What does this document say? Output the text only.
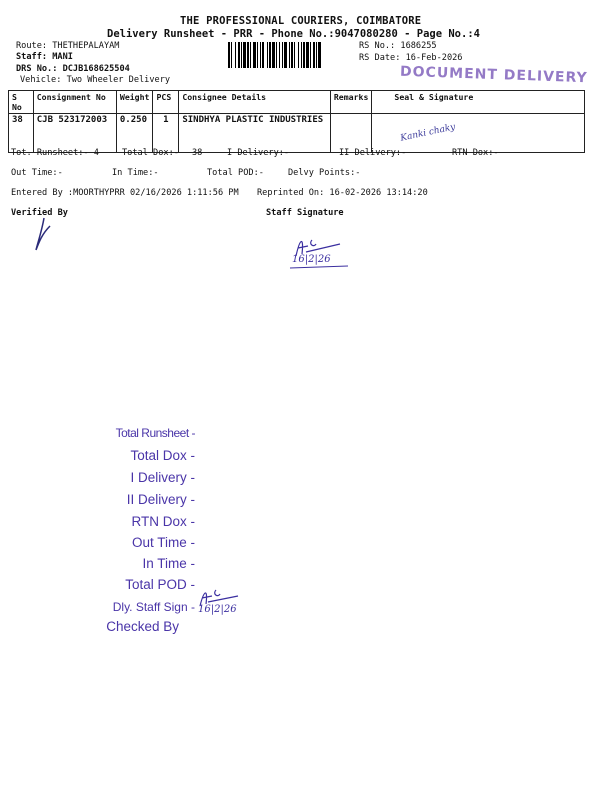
THE PROFESSIONAL COURIERS, COIMBATORE
Delivery Runsheet - PRR - Phone No.:9047080280 - Page No.:4
Route: THETHEPALAYAM
Staff: MANI
DRS No.: DCJB168625504
Vehicle: Two Wheeler Delivery
RS No.: 1686255
RS Date: 16-Feb-2026
DOCUMENT DELIVERY
S No	Consignment No	Weight	PCS	Consignee Details	Remarks	Seal & Signature
38	CJB 523172003	0.250	1	SINDHYA PLASTIC INDUSTRIES		Kanki chaky
Tot. Runsheet:- 4	Total Dox:- 38	I Delivery:-	II Delivery:-	RTN Dox:-
Out Time:-	In Time:-	Total POD:-	Delvy Points:-
Entered By :MOORTHYPRR 02/16/2026 1:11:56 PM Reprinted On: 16-02-2026 13:14:20
Verified By	Staff Signature
16|2|26
Total Runsheet -
Total Dox -
I Delivery -
II Delivery -
RTN Dox -
Out Time -
In Time -
Total POD -
Dly. Staff Sign -
Checked By
16|2|26
